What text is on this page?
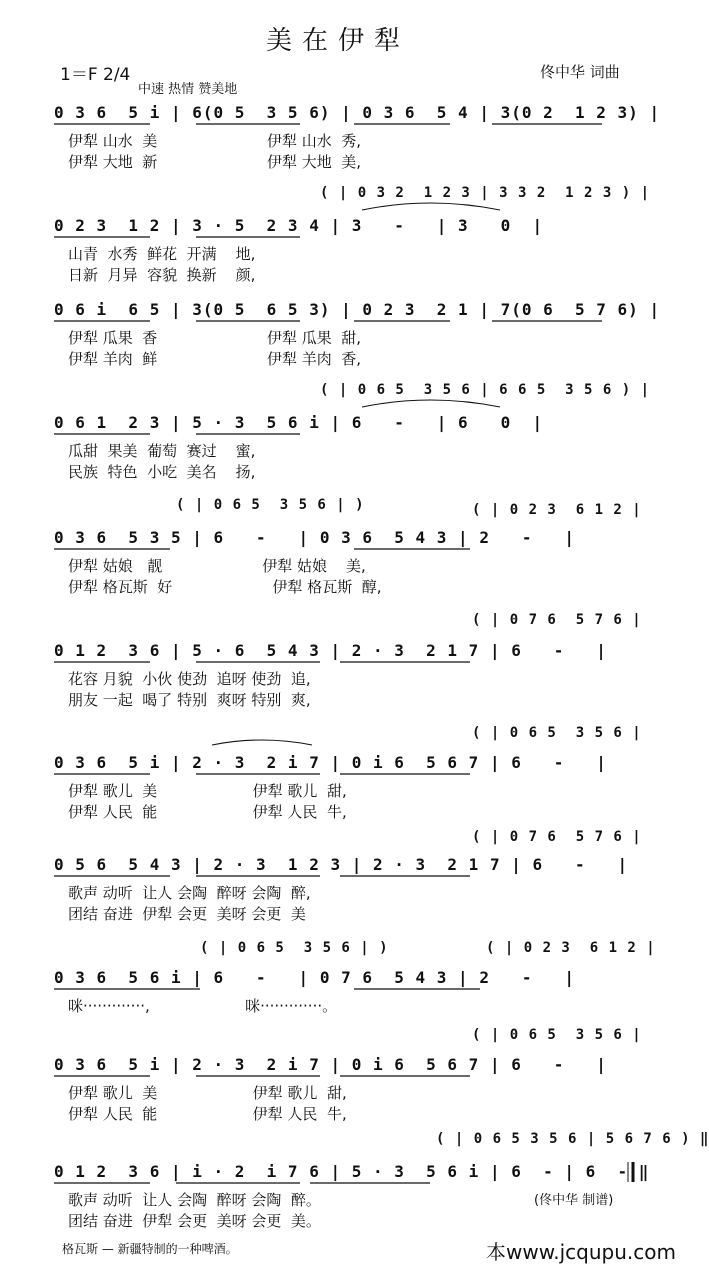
美在伊犁
1＝F 2/4
中速 热情 赞美地
佟中华 词曲
0 3 6  5 i | 6(0 5  3 5 6) | 0 3 6  5 4 | 3(0 2  1 2 3) |
伊犁 山水  美                       伊犁 山水  秀,
伊犁 大地  新                       伊犁 大地  美,
( | 0 3 2  1 2 3 | 3 3 2  1 2 3 ) |
0 2 3  1 2 | 3 · 5  2 3 4 | 3   -   | 3   0  |
山青  水秀  鲜花  开满    地,
日新  月异  容貌  换新    颜,
0 6 i  6 5 | 3(0 5  6 5 3) | 0 2 3  2 1 | 7(0 6  5 7 6) |
伊犁 瓜果  香                       伊犁 瓜果  甜,
伊犁 羊肉  鲜                       伊犁 羊肉  香,
( | 0 6 5  3 5 6 | 6 6 5  3 5 6 ) |
0 6 1  2 3 | 5 · 3  5 6 i | 6   -   | 6   0  |
瓜甜  果美  葡萄  赛过    蜜,
民族  特色  小吃  美名    扬,
( | 0 6 5  3 5 6 | )	( | 0 2 3  6 1 2 |
0 3 6  5 3 5 | 6   -   | 0 3 6  5 4 3 | 2   -   |
伊犁 姑娘   靓                     伊犁 姑娘    美,
伊犁 格瓦斯  好                     伊犁 格瓦斯  醇,
( | 0 7 6  5 7 6 |
0 1 2  3 6 | 5 · 6  5 4 3 | 2 · 3  2 1 7 | 6   -   |
花容 月貌  小伙 使劲  追呀 使劲  追,
朋友 一起  喝了 特别  爽呀 特别  爽,
( | 0 6 5  3 5 6 |
0 3 6  5 i | 2 · 3  2 i 7 | 0 i 6  5 6 7 | 6   -   |
伊犁 歌儿  美                    伊犁 歌儿  甜,
伊犁 人民  能                    伊犁 人民  牛,
( | 0 7 6  5 7 6 |
0 5 6  5 4 3 | 2 · 3  1 2 3 | 2 · 3  2 1 7 | 6   -   |
歌声 动听  让人 会陶  醉呀 会陶  醉,
团结 奋进  伊犁 会更  美呀 会更  美
( | 0 6 5  3 5 6 | )	( | 0 2 3  6 1 2 |
0 3 6  5 6 i | 6   -   | 0 7 6  5 4 3 | 2   -   |
咪·············,                    咪·············。
( | 0 6 5  3 5 6 |
0 3 6  5 i | 2 · 3  2 i 7 | 0 i 6  5 6 7 | 6   -   |
伊犁 歌儿  美                    伊犁 歌儿  甜,
伊犁 人民  能                    伊犁 人民  牛,
( | 0 6 5 3 5 6 | 5 6 7 6 ) ‖
0 1 2  3 6 | i · 2  i 7 6 | 5 · 3  5 6 i | 6  - | 6  - ‖
歌声 动听  让人 会陶  醉呀 会陶  醉。
团结 奋进  伊犁 会更  美呀 会更  美。
(佟中华 制谱)
格瓦斯 — 新疆特制的一种啤酒。	本www.jcqupu.com
